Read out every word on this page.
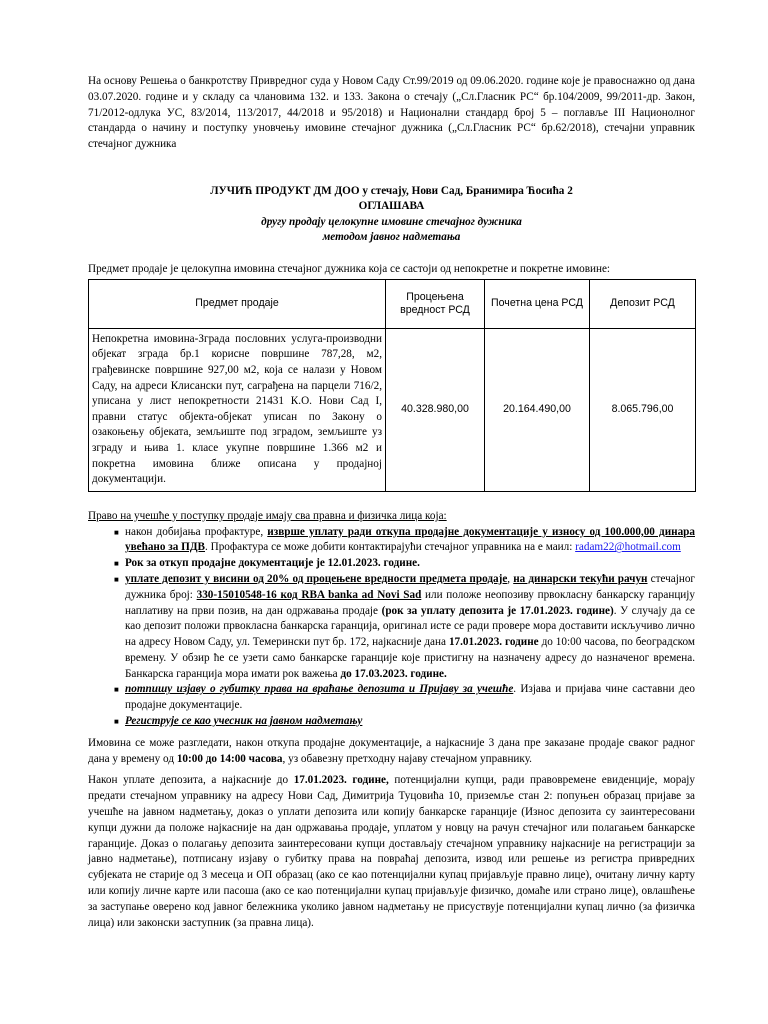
На основу Решења о банкротству Привредног суда у Новом Саду Ст.99/2019 од 09.06.2020. године које је правоснажно од дана 03.07.2020. године и у складу са члановима 132. и 133. Закона о стечају („Сл.Гласник РС“ бр.104/2009, 99/2011-др. Закон, 71/2012-одлука УС, 83/2014, 113/2017, 44/2018 и 95/2018) и Национални стандард број 5 – поглавље III Национолног стандарда о начину и поступку уновчењу имовине стечајног дужника („Сл.Гласник РС“ бр.62/2018), стечајни управник стечајног дужника

ЛУЧИЋ ПРОДУКТ ДМ ДОО у стечају, Нови Сад, Бранимира Ћосића 2
ОГЛАШАВА
другу продају целокупне имовине стечајног дужника
методом јавног надметања

Предмет продаје је целокупна имовина стечајног дужника која се састоји од непокретне и покретне имовине:

Предмет продаје	Процењена вредност РСД	Почетна цена РСД	Депозит РСД
Непокретна имовина-Зграда пословних услуга-производни објекат зграда бр.1 корисне површине 787,28, м2, грађевинске површине 927,00 м2, која се налази у Новом Саду, на адреси Клисански пут, саграђена на парцели 716/2, уписана у лист непокретности 21431 К.О. Нови Сад I, правни статус објекта-објекат уписан по Закону о озакоњењу објеката, земљиште под зградом, земљиште уз зграду и њива 1. класе укупне површине 1.366 м2 и покретна имовина ближе описана у продајној документацији.	40.328.980,00	20.164.490,00	8.065.796,00

Право на учешће у поступку продаје имају сва правна и физичка лица која:

■ након добијања профактуре, изврше уплату ради откупа продајне документације у износу од 100.000,00 динара увећано за ПДВ. Профактура се може добити контактирајући стечајног управника на е маил: radam22@hotmail.com
■ Рок за откуп продајне документације је 12.01.2023. године.
■ уплате депозит у висини од 20% од процењене вредности предмета продаје, на динарски текући рачун стечајног дужника број: 330-15010548-16 код RBA banka ad Novi Sad или положе неопозиву првокласну банкарску гаранцију наплативу на први позив, на дан одржавања продаје (рок за уплату депозита је 17.01.2023. године). У случају да се као депозит положи првокласна банкарска гаранција, оригинал исте се ради провере мора доставити искључиво лично на адресу Новом Саду, ул. Темерински пут бр. 172, најкасније дана 17.01.2023. године до 10:00 часова, по београдском времену. У обзир ће се узети само банкарске гаранције које пристигну на назначену адресу до назначеног времена. Банкарска гаранција мора имати рок важења до 17.03.2023. године.
■ потпишу изјаву о губитку права на враћање депозита и Пријаву за учешће. Изјава и пријава чине саставни део продајне документације.
■ Региструје се као учесник на јавном надметању

Имовина се може разгледати, након откупа продајне документације, а најкасније 3 дана пре заказане продаје сваког радног дана у времену од 10:00 до 14:00 часова, уз обавезну претходну најаву стечајном управнику.

Након уплате депозита, а најкасније до 17.01.2023. године, потенцијални купци, ради правовремене евиденције, морају предати стечајном управнику на адресу Нови Сад, Димитрија Туцовића 10, приземље стан 2: попуњен образац пријаве за учешће на јавном надметању, доказ о уплати депозита или копију банкарске гаранције (Износ депозита су заинтересовани купци дужни да положе најкасније на дан одржавања продаје, уплатом у новцу на рачун стечајног или полагањем банкарске гаранције. Доказ о полагању депозита заинтересовани купци достављају стечајном управнику најкасније на регистрацији за јавно надметање), потписану изјаву о губитку права на повраћај депозита, извод или решење из регистра привредних субјеката не старије од 3 месеца и ОП образац (ако се као потенцијални купац пријављује правно лице), очитану личну карту или копију личне карте или пасоша (ако се као потенцијални купац пријављује физичко, домаће или страно лице), овлашћење за заступање оверено код јавног бележника уколико јавном надметању не присуствује потенцијални купац лично (за физичка лица) или законски заступник (за правна лица).
